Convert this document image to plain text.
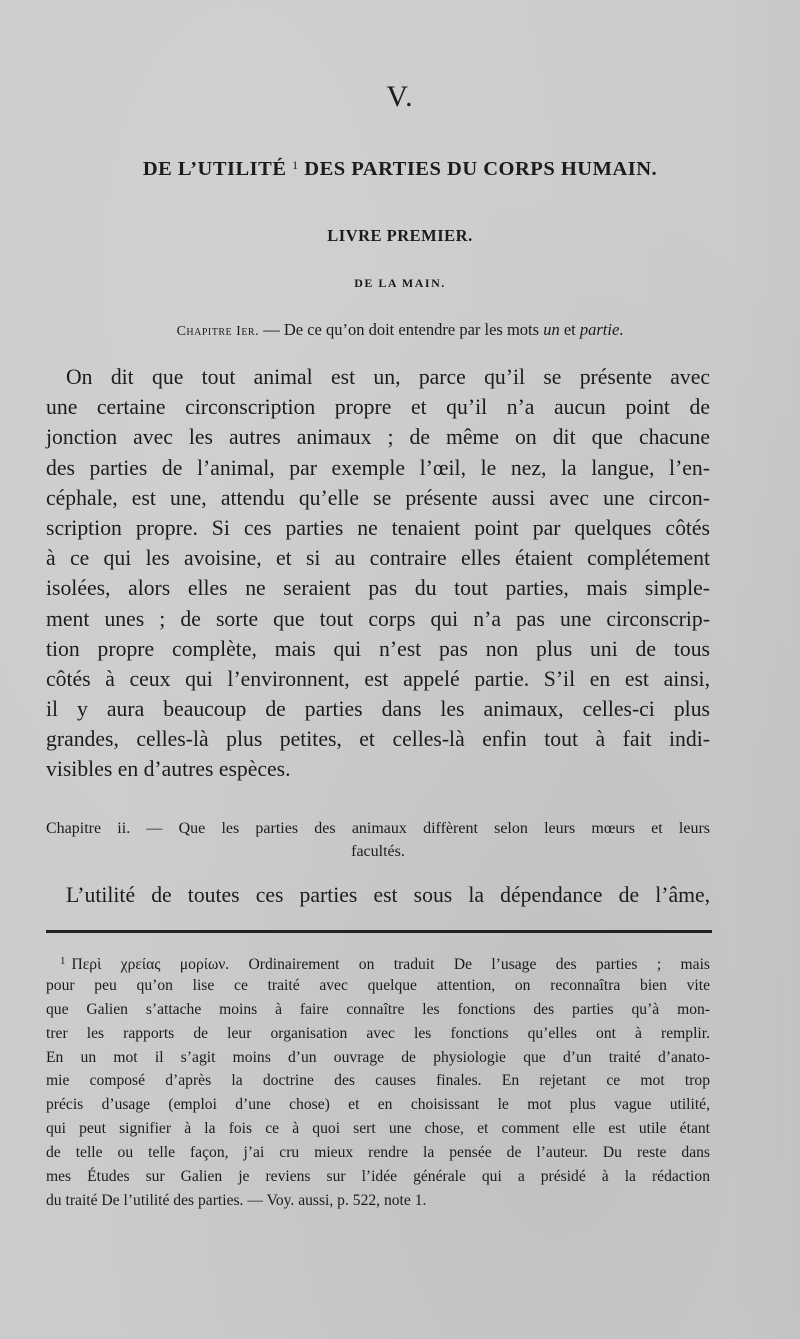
V.
DE L’UTILITÉ $^1$ DES PARTIES DU CORPS HUMAIN.
LIVRE PREMIER.
DE LA MAIN.
Chapitre Ier. — De ce qu’on doit entendre par les mots un et partie.
On dit que tout animal est un, parce qu’il se présente avec
une certaine circonscription propre et qu’il n’a aucun point de
jonction avec les autres animaux ; de même on dit que chacune
des parties de l’animal, par exemple l’œil, le nez, la langue, l’en-
céphale, est une, attendu qu’elle se présente aussi avec une circon-
scription propre. Si ces parties ne tenaient point par quelques côtés
à ce qui les avoisine, et si au contraire elles étaient complétement
isolées, alors elles ne seraient pas du tout parties, mais simple-
ment unes ; de sorte que tout corps qui n’a pas une circonscrip-
tion propre complète, mais qui n’est pas non plus uni de tous
côtés à ceux qui l’environnent, est appelé partie. S’il en est ainsi,
il y aura beaucoup de parties dans les animaux, celles-ci plus
grandes, celles-là plus petites, et celles-là enfin tout à fait indi-
visibles en d’autres espèces.
Chapitre ii. — Que les parties des animaux diffèrent selon leurs mœurs et leurs
facultés.
L’utilité de toutes ces parties est sous la dépendance de l’âme,
$^1$ Περὶ χρείας μορίων. Ordinairement on traduit De l’usage des parties ; mais
pour peu qu’on lise ce traité avec quelque attention, on reconnaîtra bien vite
que Galien s’attache moins à faire connaître les fonctions des parties qu’à mon-
trer les rapports de leur organisation avec les fonctions qu’elles ont à remplir.
En un mot il s’agit moins d’un ouvrage de physiologie que d’un traité d’anato-
mie composé d’après la doctrine des causes finales. En rejetant ce mot trop
précis d’usage (emploi d’une chose) et en choisissant le mot plus vague utilité,
qui peut signifier à la fois ce à quoi sert une chose, et comment elle est utile étant
de telle ou telle façon, j’ai cru mieux rendre la pensée de l’auteur. Du reste dans
mes Études sur Galien je reviens sur l’idée générale qui a présidé à la rédaction
du traité De l’utilité des parties. — Voy. aussi, p. 522, note 1.
